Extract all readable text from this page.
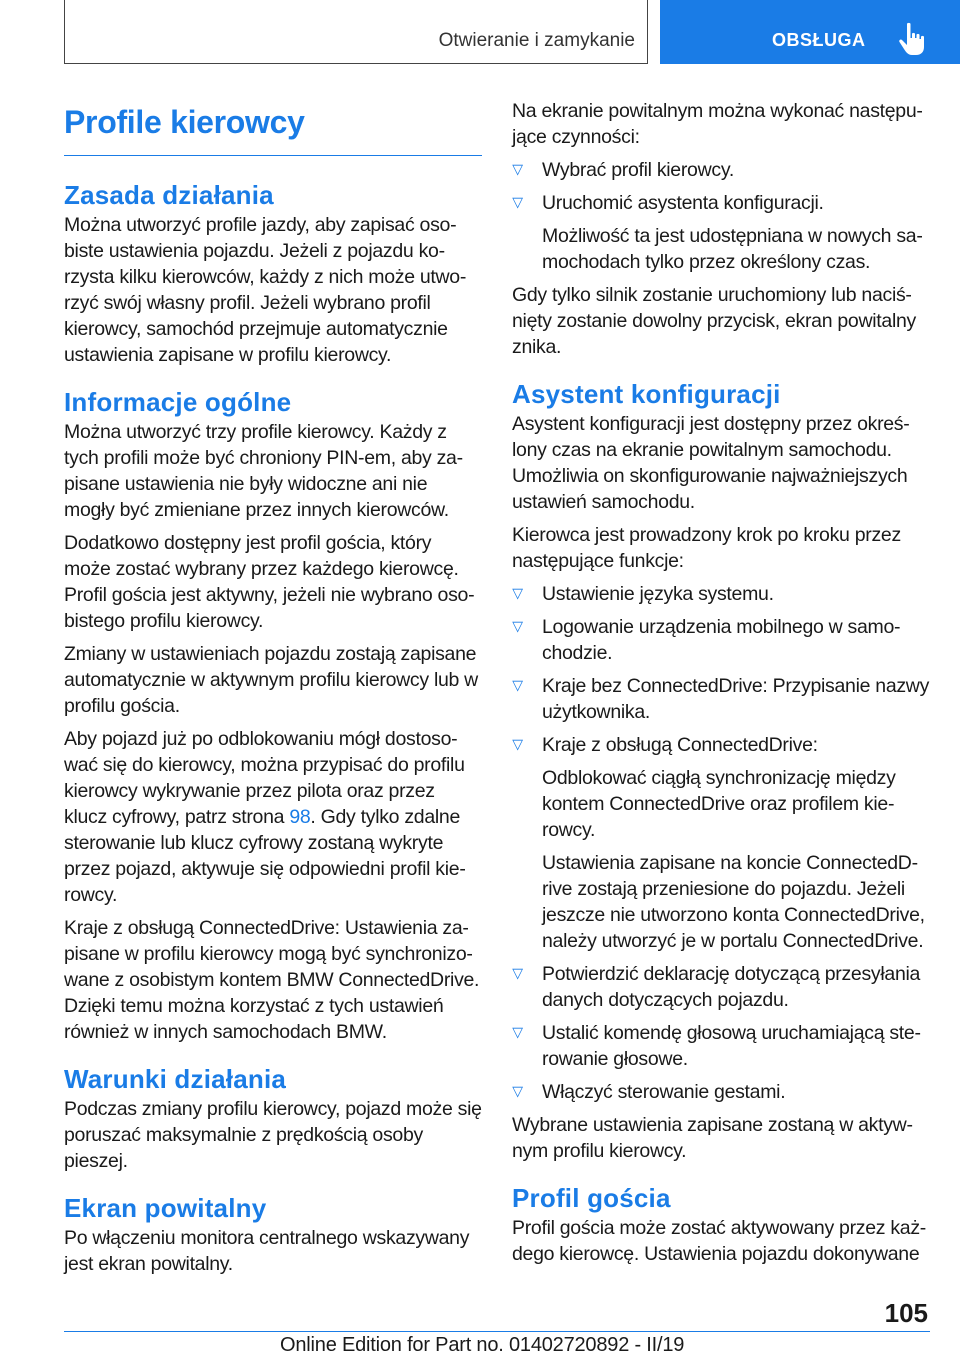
Otwieranie i zamykanie	OBSŁUGA
Profile kierowcy
Zasada działania

Można utworzyć profile jazdy, aby zapisać osobiste ustawienia pojazdu. Jeżeli z pojazdu korzysta kilku kierowców, każdy z nich może utworzyć swój własny profil. Jeżeli wybrano profil kierowcy, samochód przejmuje automatycznie ustawienia zapisane w profilu kierowcy.

Informacje ogólne

Można utworzyć trzy profile kierowcy. Każdy z tych profili może być chroniony PIN-em, aby zapisane ustawienia nie były widoczne ani nie mogły być zmieniane przez innych kierowców.

Dodatkowo dostępny jest profil gościa, który może zostać wybrany przez każdego kierowcę. Profil gościa jest aktywny, jeżeli nie wybrano osobistego profilu kierowcy.

Zmiany w ustawieniach pojazdu zostają zapisane automatycznie w aktywnym profilu kierowcy lub w profilu gościa.

Aby pojazd już po odblokowaniu mógł dostosować się do kierowcy, można przypisać do profilu kierowcy wykrywanie przez pilota oraz przez klucz cyfrowy, patrz strona 98. Gdy tylko zdalne sterowanie lub klucz cyfrowy zostaną wykryte przez pojazd, aktywuje się odpowiedni profil kierowcy.

Kraje z obsługą ConnectedDrive: Ustawienia zapisane w profilu kierowcy mogą być synchronizowane z osobistym kontem BMW ConnectedDrive. Dzięki temu można korzystać z tych ustawień również w innych samochodach BMW.

Warunki działania

Podczas zmiany profilu kierowcy, pojazd może się poruszać maksymalnie z prędkością osoby pieszej.

Ekran powitalny

Po włączeniu monitora centralnego wskazywany jest ekran powitalny.

Na ekranie powitalnym można wykonać następujące czynności:

▷ Wybrać profil kierowcy.

▷ Uruchomić asystenta konfiguracji.

Możliwość ta jest udostępniana w nowych samochodach tylko przez określony czas.

Gdy tylko silnik zostanie uruchomiony lub naciśnięty zostanie dowolny przycisk, ekran powitalny znika.

Asystent konfiguracji

Asystent konfiguracji jest dostępny przez określony czas na ekranie powitalnym samochodu. Umożliwia on skonfigurowanie najważniejszych ustawień samochodu.

Kierowca jest prowadzony krok po kroku przez następujące funkcje:

▷ Ustawienie języka systemu.

▷ Logowanie urządzenia mobilnego w samochodzie.

▷ Kraje bez ConnectedDrive: Przypisanie nazwy użytkownika.

▷ Kraje z obsługą ConnectedDrive:

Odblokować ciągłą synchronizację między kontem ConnectedDrive oraz profilem kierowcy.

Ustawienia zapisane na koncie ConnectedDrive zostają przeniesione do pojazdu. Jeżeli jeszcze nie utworzono konta ConnectedDrive, należy utworzyć je w portalu ConnectedDrive.

▷ Potwierdzić deklarację dotyczącą przesyłania danych dotyczących pojazdu.

▷ Ustalić komendę głosową uruchamiającą sterowanie głosowe.

▷ Włączyć sterowanie gestami.

Wybrane ustawienia zapisane zostaną w aktywnym profilu kierowcy.

Profil gościa

Profil gościa może zostać aktywowany przez każdego kierowcę. Ustawienia pojazdu dokonywane

105
Online Edition for Part no. 01402720892 - II/19
